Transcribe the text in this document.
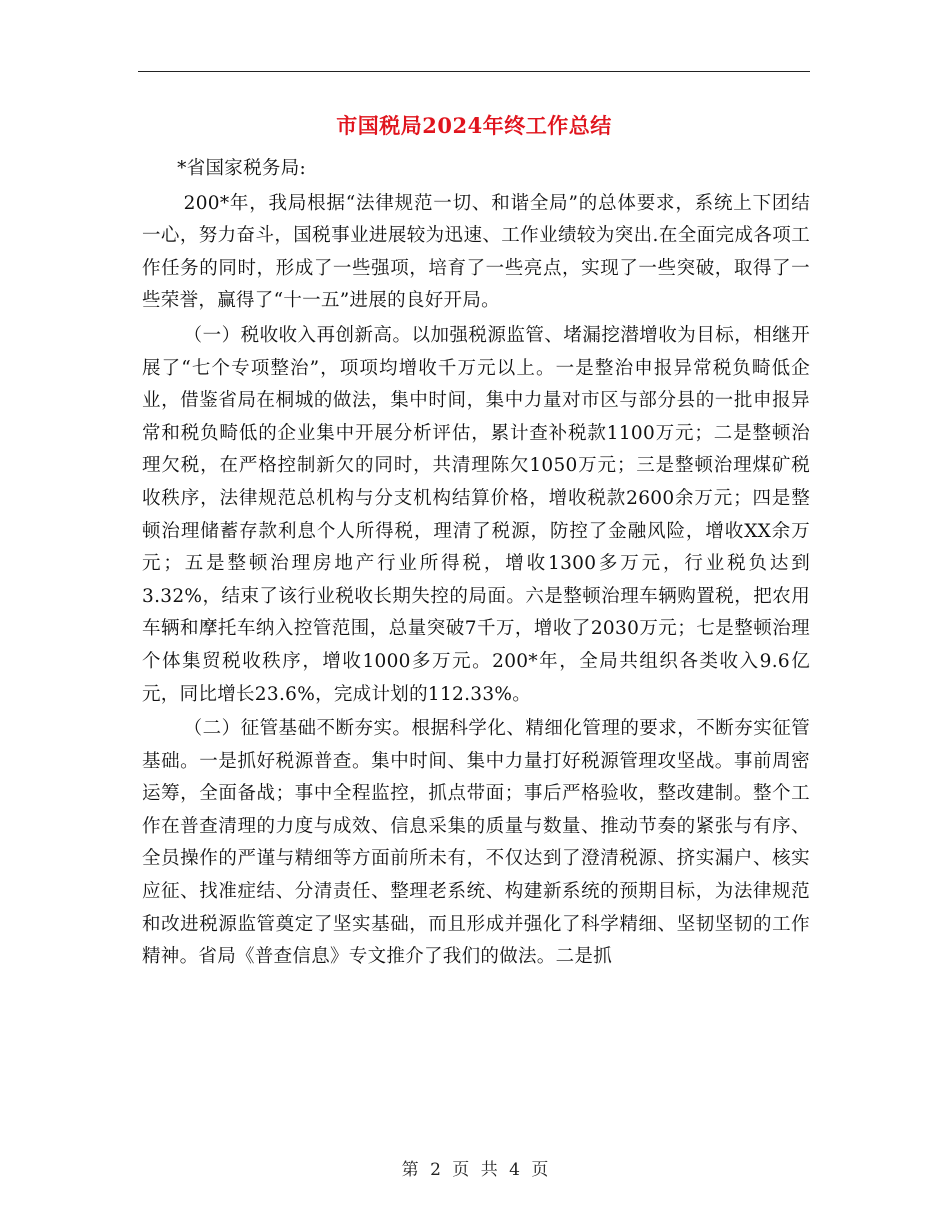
市国税局2024年终工作总结

*省国家税务局:

200*年，我局根据“法律规范一切、和谐全局”的总体要求，系统上下团结一心，努力奋斗，国税事业进展较为迅速、工作业绩较为突出.在全面完成各项工作任务的同时，形成了一些强项，培育了一些亮点，实现了一些突破，取得了一些荣誉，赢得了“十一五”进展的良好开局。

（一）税收收入再创新高。以加强税源监管、堵漏挖潜增收为目标，相继开展了“七个专项整治”，项项均增收千万元以上。一是整治申报异常税负畸低企业，借鉴省局在桐城的做法，集中时间，集中力量对市区与部分县的一批申报异常和税负畸低的企业集中开展分析评估，累计查补税款1100万元；二是整顿治理欠税，在严格控制新欠的同时，共清理陈欠1050万元；三是整顿治理煤矿税收秩序，法律规范总机构与分支机构结算价格，增收税款2600余万元；四是整顿治理储蓄存款利息个人所得税，理清了税源，防控了金融风险，增收XX余万元；五是整顿治理房地产行业所得税，增收1300多万元，行业税负达到3.32%，结束了该行业税收长期失控的局面。六是整顿治理车辆购置税，把农用车辆和摩托车纳入控管范围，总量突破7千万，增收了2030万元；七是整顿治理个体集贸税收秩序，增收1000多万元。200*年，全局共组织各类收入9.6亿元，同比增长23.6%，完成计划的112.33%。

（二）征管基础不断夯实。根据科学化、精细化管理的要求，不断夯实征管基础。一是抓好税源普查。集中时间、集中力量打好税源管理攻坚战。事前周密运筹，全面备战；事中全程监控，抓点带面；事后严格验收，整改建制。整个工作在普查清理的力度与成效、信息采集的质量与数量、推动节奏的紧张与有序、全员操作的严谨与精细等方面前所未有，不仅达到了澄清税源、挤实漏户、核实应征、找准症结、分清责任、整理老系统、构建新系统的预期目标，为法律规范和改进税源监管奠定了坚实基础，而且形成并强化了科学精细、坚韧坚韧的工作精神。省局《普查信息》专文推介了我们的做法。二是抓

第 2 页 共 4 页
